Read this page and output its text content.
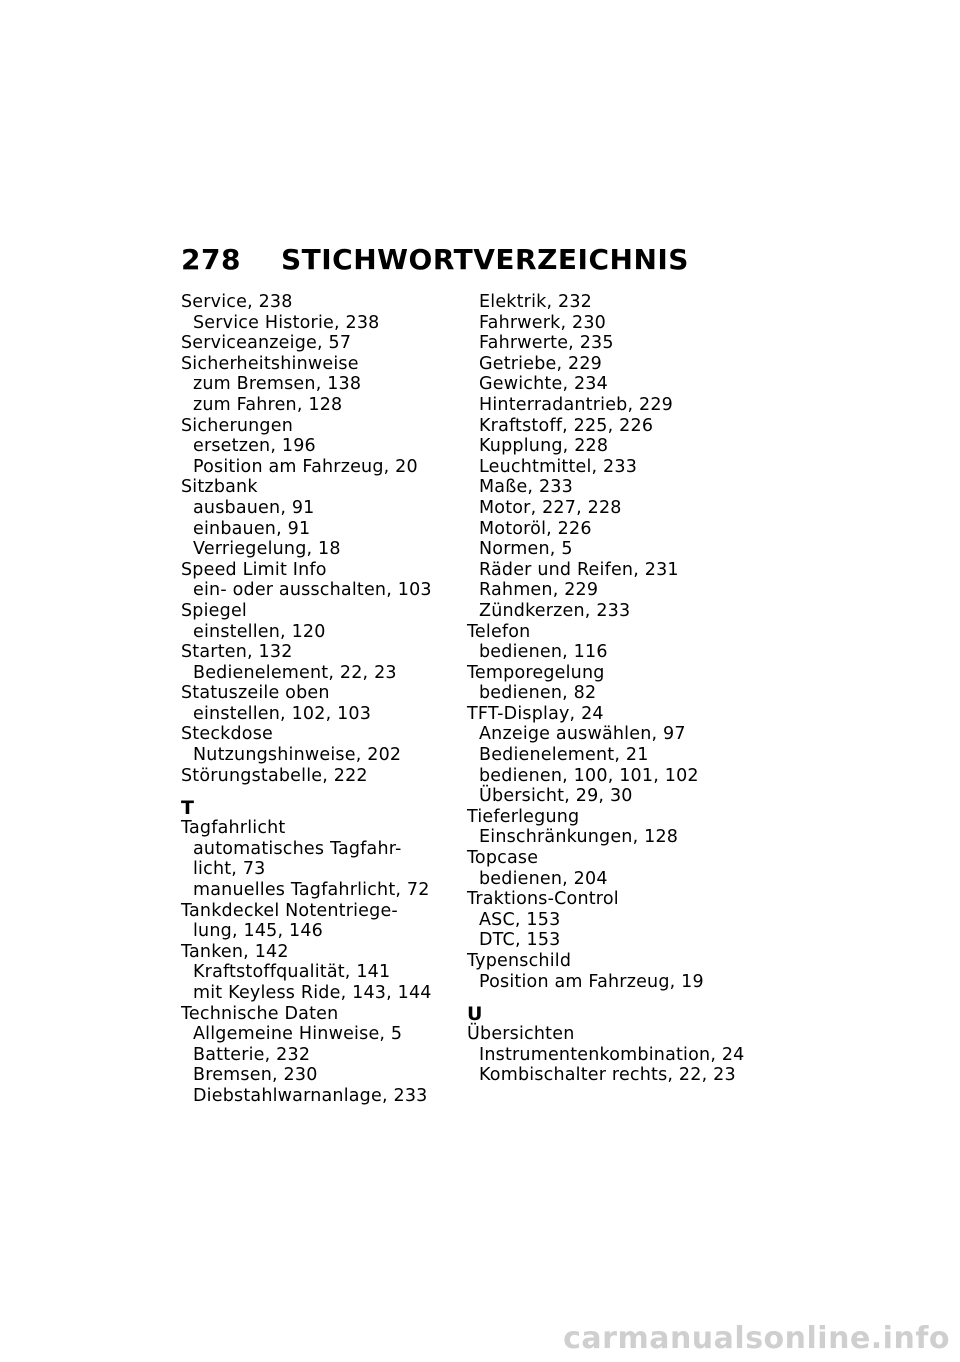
278 STICHWORTVERZEICHNIS
Service, 238
Service Historie, 238
Serviceanzeige, 57
Sicherheitshinweise
zum Bremsen, 138
zum Fahren, 128
Sicherungen
ersetzen, 196
Position am Fahrzeug, 20
Sitzbank
ausbauen, 91
einbauen, 91
Verriegelung, 18
Speed Limit Info
ein- oder ausschalten, 103
Spiegel
einstellen, 120
Starten, 132
Bedienelement, 22, 23
Statuszeile oben
einstellen, 102, 103
Steckdose
Nutzungshinweise, 202
Störungstabelle, 222
T
Tagfahrlicht
automatisches Tagfahr-
licht, 73
manuelles Tagfahrlicht, 72
Tankdeckel Notentriege-
lung, 145, 146
Tanken, 142
Kraftstoffqualität, 141
mit Keyless Ride, 143, 144
Technische Daten
Allgemeine Hinweise, 5
Batterie, 232
Bremsen, 230
Diebstahlwarnanlage, 233
Elektrik, 232
Fahrwerk, 230
Fahrwerte, 235
Getriebe, 229
Gewichte, 234
Hinterradantrieb, 229
Kraftstoff, 225, 226
Kupplung, 228
Leuchtmittel, 233
Maße, 233
Motor, 227, 228
Motoröl, 226
Normen, 5
Räder und Reifen, 231
Rahmen, 229
Zündkerzen, 233
Telefon
bedienen, 116
Temporegelung
bedienen, 82
TFT-Display, 24
Anzeige auswählen, 97
Bedienelement, 21
bedienen, 100, 101, 102
Übersicht, 29, 30
Tieferlegung
Einschränkungen, 128
Topcase
bedienen, 204
Traktions-Control
ASC, 153
DTC, 153
Typenschild
Position am Fahrzeug, 19
U
Übersichten
Instrumentenkombination, 24
Kombischalter rechts, 22, 23
carmanualsonline.info
